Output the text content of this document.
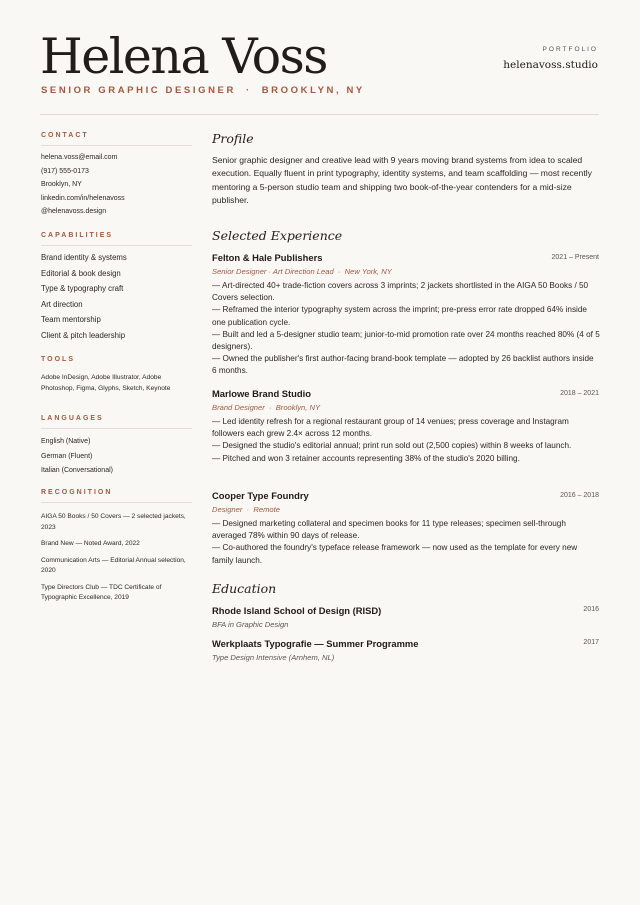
Helena Voss
SENIOR GRAPHIC DESIGNER · BROOKLYN, NY
PORTFOLIO
helenavoss.studio
CONTACT
helena.voss@email.com
(917) 555-0173
Brooklyn, NY
linkedin.com/in/helenavoss
@helenavoss.design
CAPABILITIES
Brand identity & systems
Editorial & book design
Type & typography craft
Art direction
Team mentorship
Client & pitch leadership
TOOLS
Adobe InDesign, Adobe Illustrator, Adobe Photoshop, Figma, Glyphs, Sketch, Keynote
LANGUAGES
English (Native)
German (Fluent)
Italian (Conversational)
RECOGNITION
AIGA 50 Books / 50 Covers — 2 selected jackets, 2023
Brand New — Noted Award, 2022
Communication Arts — Editorial Annual selection, 2020
Type Directors Club — TDC Certificate of Typographic Excellence, 2019
Profile
Senior graphic designer and creative lead with 9 years moving brand systems from idea to scaled execution. Equally fluent in print typography, identity systems, and team scaffolding — most recently mentoring a 5-person studio team and shipping two book-of-the-year contenders for a mid-size publisher.
Selected Experience
Felton & Hale Publishers
Senior Designer · Art Direction Lead  ·  New York, NY
— Art-directed 40+ trade-fiction covers across 3 imprints; 2 jackets shortlisted in the AIGA 50 Books / 50 Covers selection.
— Reframed the interior typography system across the imprint; pre-press error rate dropped 64% inside one publication cycle.
— Built and led a 5-designer studio team; junior-to-mid promotion rate over 24 months reached 80% (4 of 5 designers).
— Owned the publisher's first author-facing brand-book template — adopted by 26 backlist authors inside 6 months.
2021 – Present
Marlowe Brand Studio
Brand Designer  ·  Brooklyn, NY
— Led identity refresh for a regional restaurant group of 14 venues; press coverage and Instagram followers each grew 2.4× across 12 months.
— Designed the studio's editorial annual; print run sold out (2,500 copies) within 8 weeks of launch.
— Pitched and won 3 retainer accounts representing 38% of the studio's 2020 billing.
2018 – 2021
Cooper Type Foundry
Designer  ·  Remote
— Designed marketing collateral and specimen books for 11 type releases; specimen sell-through averaged 78% within 90 days of release.
— Co-authored the foundry's typeface release framework — now used as the template for every new family launch.
2016 – 2018
Education
Rhode Island School of Design (RISD)
BFA in Graphic Design
2016
Werkplaats Typografie — Summer Programme
Type Design Intensive (Arnhem, NL)
2017
